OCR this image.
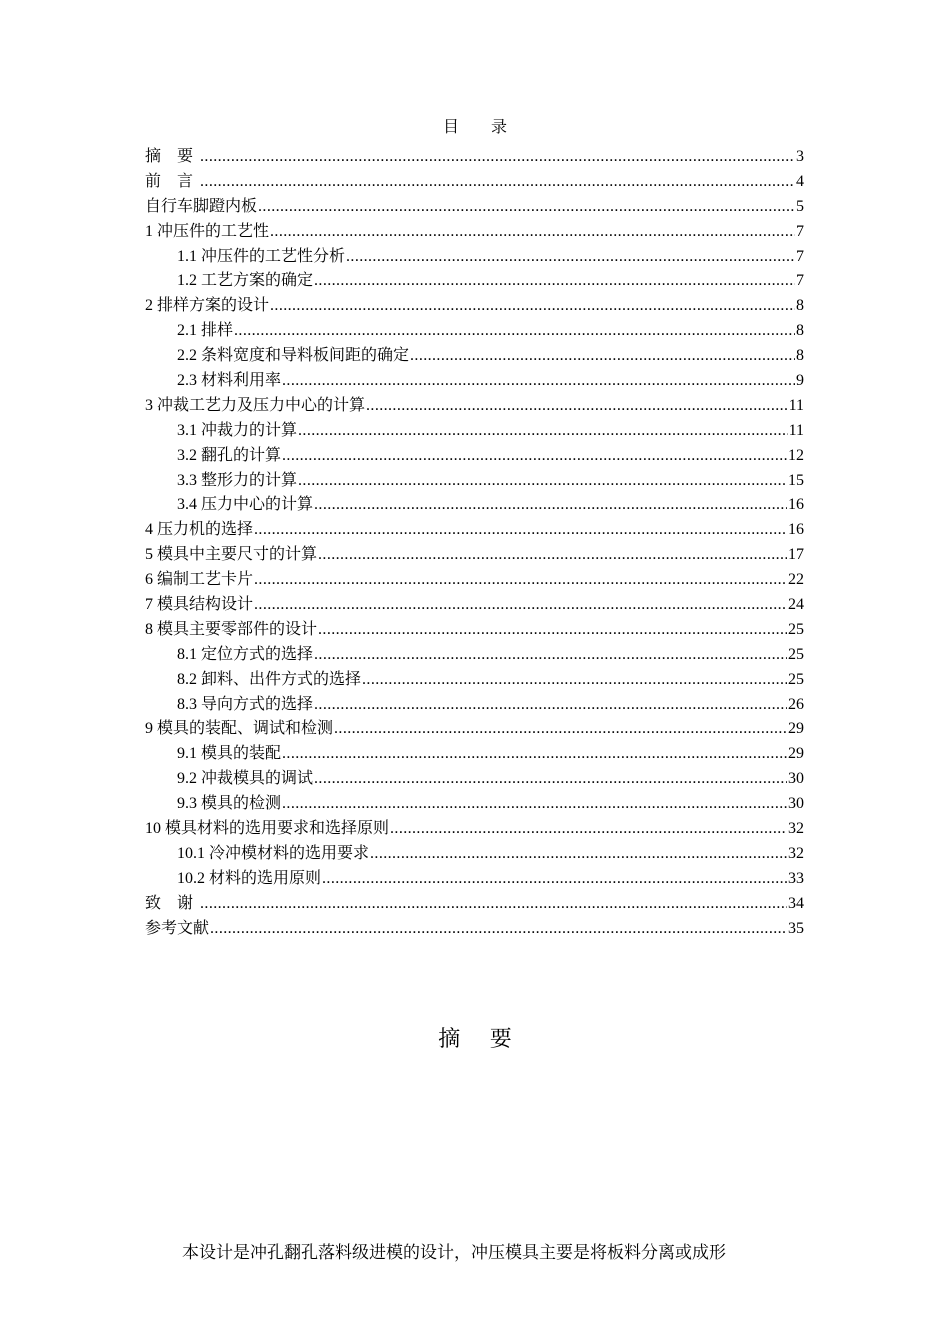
目 录
摘 要 .....	3
前 言 .....	4
自行车脚蹬内板 .....	5
1 冲压件的工艺性 .....	7
1.1 冲压件的工艺性分析 .....	7
1.2 工艺方案的确定 .....	7
2 排样方案的设计 .....	8
2.1 排样 .....	8
2.2 条料宽度和导料板间距的确定 .....	8
2.3 材料利用率 .....	9
3 冲裁工艺力及压力中心的计算 .....	11
3.1 冲裁力的计算 .....	11
3.2 翻孔的计算 .....	12
3.3 整形力的计算 .....	15
3.4 压力中心的计算 .....	16
4 压力机的选择 .....	16
5 模具中主要尺寸的计算 .....	17
6 编制工艺卡片 .....	22
7 模具结构设计 .....	24
8 模具主要零部件的设计 .....	25
8.1 定位方式的选择 .....	25
8.2 卸料、出件方式的选择 .....	25
8.3 导向方式的选择 .....	26
9 模具的装配、调试和检测 .....	29
9.1 模具的装配 .....	29
9.2 冲裁模具的调试 .....	30
9.3 模具的检测 .....	30
10 模具材料的选用要求和选择原则 .....	32
10.1 冷冲模材料的选用要求 .....	32
10.2 材料的选用原则 .....	33
致 谢 .....	34
参考文献 .....	35
摘 要
本设计是冲孔翻孔落料级进模的设计，冲压模具主要是将板料分离或成形
